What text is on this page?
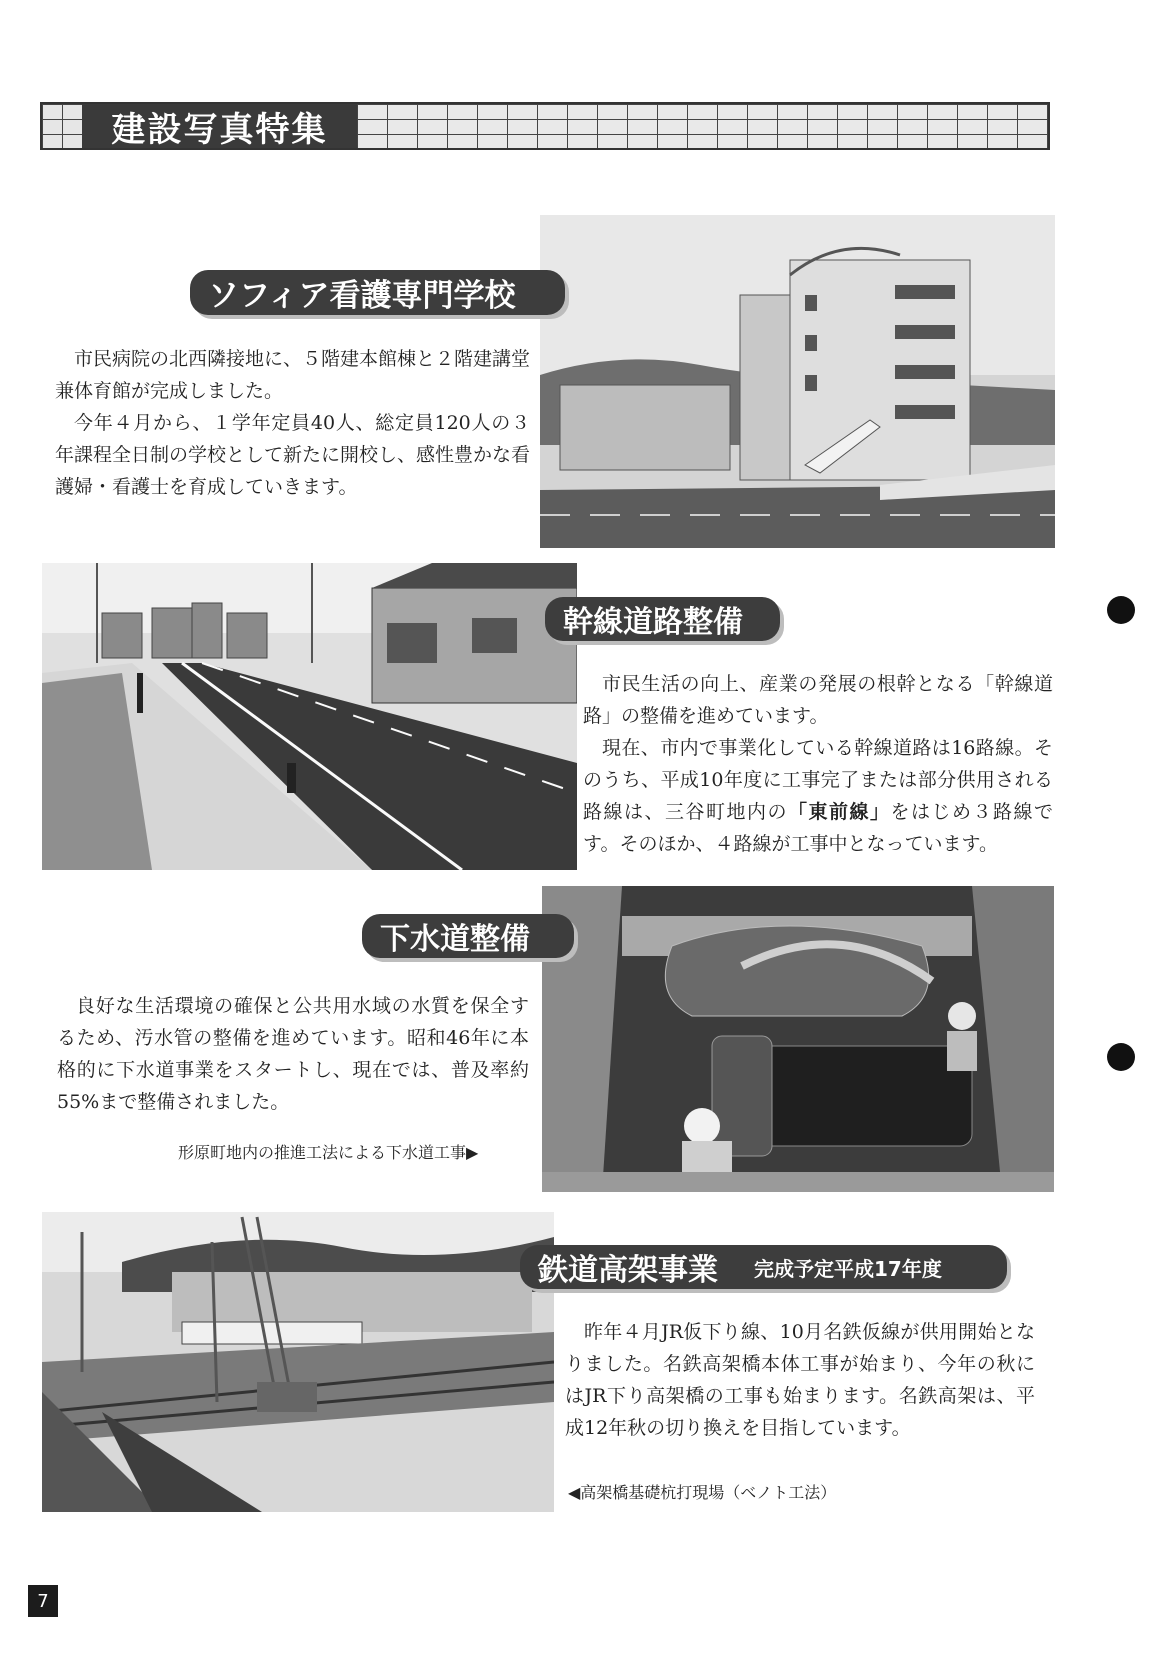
建設写真特集
ソフィア看護専門学校

市民病院の北西隣接地に、５階建本館棟と２階建講堂兼体育館が完成しました。

今年４月から、１学年定員40人、総定員120人の３年課程全日制の学校として新たに開校し、感性豊かな看護婦・看護士を育成していきます。

幹線道路整備

市民生活の向上、産業の発展の根幹となる「幹線道路」の整備を進めています。

現在、市内で事業化している幹線道路は16路線。そのうち、平成10年度に工事完了または部分供用される路線は、三谷町地内の「東前線」をはじめ３路線です。そのほか、４路線が工事中となっています。

下水道整備

良好な生活環境の確保と公共用水域の水質を保全するため、汚水管の整備を進めています。昭和46年に本格的に下水道事業をスタートし、現在では、普及率約55%まで整備されました。

形原町地内の推進工法による下水道工事▶
鉄道高架事業 完成予定平成17年度

昨年４月JR仮下り線、10月名鉄仮線が供用開始となりました。名鉄高架橋本体工事が始まり、今年の秋にはJR下り高架橋の工事も始まります。名鉄高架は、平成12年秋の切り換えを目指しています。

◀高架橋基礎杭打現場（ベノト工法）
7
